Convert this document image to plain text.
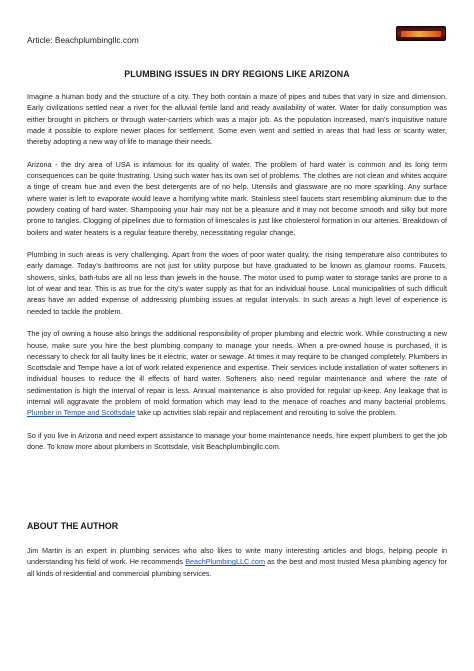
Article: Beachplumbingllc.com
PLUMBING ISSUES IN DRY REGIONS LIKE ARIZONA

Imagine a human body and the structure of a city. They both contain a maze of pipes and tubes that vary in size and dimension. Early civilizations settled near a river for the alluvial fertile land and ready availability of water. Water for daily consumption was either brought in pitchers or through water-carriers which was a major job. As the population increased, man’s inquisitive nature made it possible to explore newer places for settlement. Some even went and settled in areas that had less or scanty water, thereby adopting a new way of life to manage their needs.

Arizona - the dry area of USA is infamous for its quality of water. The problem of hard water is common and its long term consequences can be quite frustrating. Using such water has its own set of problems. The clothes are not clean and whites acquire a tinge of cream hue and even the best detergents are of no help. Utensils and glassware are no more sparkling. Any surface where water is left to evaporate would leave a horrifying white mark. Stainless steel faucets start resembling aluminum due to the powdery coating of hard water. Shampooing your hair may not be a pleasure and it may not become smooth and silky but more prone to tangles. Clogging of pipelines due to formation of limescales is just like cholesterol formation in our arteries. Breakdown of boilers and water heaters is a regular feature thereby, necessitating regular change.

Plumbing in such areas is very challenging. Apart from the woes of poor water quality, the rising temperature also contributes to early damage. Today’s bathrooms are not just for utility purpose but have graduated to be known as glamour rooms. Faucets, showers, sinks, bath-tubs are all no less than jewels in the house. The motor used to pump water to storage tanks are prone to a lot of wear and tear. This is as true for the city’s water supply as that for an individual house. Local municipalities of such difficult areas have an added expense of addressing plumbing issues at regular intervals. In such areas a high level of experience is needed to tackle the problem.

The joy of owning a house also brings the additional responsibility of proper plumbing and electric work. While constructing a new house, make sure you hire the best plumbing company to manage your needs. When a pre-owned house is purchased, it is necessary to check for all faulty lines be it electric, water or sewage. At times it may require to be changed completely. Plumbers in Scottsdale and Tempe have a lot of work related experience and expertise. Their services include installation of water softeners in individual houses to reduce the ill effects of hard water. Softeners also need regular maintenance and where the rate of sedimentation is high the interval of repair is less. Annual maintenance is also provided for regular up-keep. Any leakage that is internal will aggravate the problem of mold formation which may lead to the menace of roaches and many bacterial problems. Plumber in Tempe and Scottsdale take up activities slab repair and replacement and rerouting to solve the problem.

So if you live in Arizona and need expert assistance to manage your home maintenance needs, hire expert plumbers to get the job done. To know more about plumbers in Scottsdale, visit Beachplumbingllc.com.

ABOUT THE AUTHOR

Jim Martin is an expert in plumbing services who also likes to write many interesting articles and blogs, helping people in understanding his field of work. He recommends BeachPlumbingLLC.com as the best and most trusted Mesa plumbing agency for all kinds of residential and commercial plumbing services.
